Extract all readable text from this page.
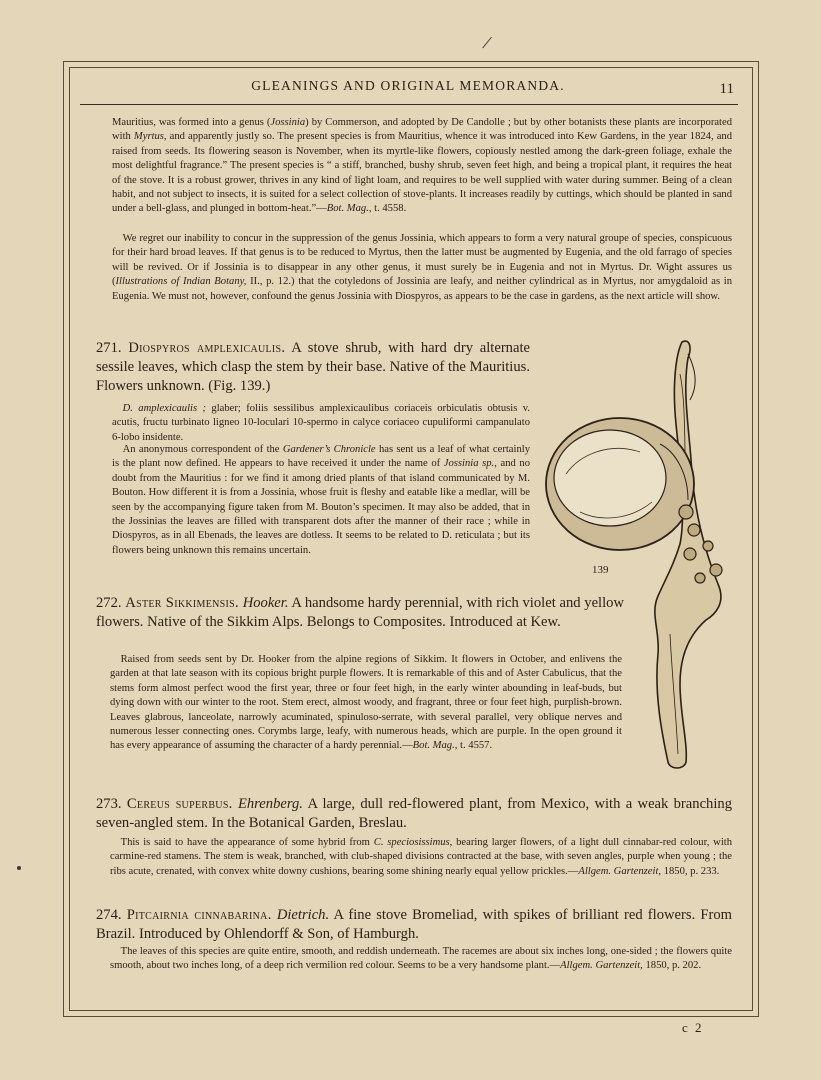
/
GLEANINGS AND ORIGINAL MEMORANDA.	11

Mauritius, was formed into a genus (Jossinia) by Commerson, and adopted by De Candolle ; but by other botanists these plants are incorporated with Myrtus, and apparently justly so. The present species is from Mauritius, whence it was introduced into Kew Gardens, in the year 1824, and raised from seeds. Its flowering season is November, when its myrtle-like flowers, copiously nestled among the dark-green foliage, exhale the most delightful fragrance.” The present species is “ a stiff, branched, bushy shrub, seven feet high, and being a tropical plant, it requires the heat of the stove. It is a robust grower, thrives in any kind of light loam, and requires to be well supplied with water during summer. Being of a clean habit, and not subject to insects, it is suited for a select collection of stove-plants. It increases readily by cuttings, which should be planted in sand under a bell-glass, and plunged in bottom-heat.”—Bot. Mag., t. 4558.

 We regret our inability to concur in the suppression of the genus Jossinia, which appears to form a very natural groupe of species, conspicuous for their hard broad leaves. If that genus is to be reduced to Myrtus, then the latter must be augmented by Eugenia, and the old farrago of species will be revived. Or if Jossinia is to disappear in any other genus, it must surely be in Eugenia and not in Myrtus. Dr. Wight assures us (Illustrations of Indian Botany, II., p. 12.) that the cotyledons of Jossinia are leafy, and neither cylindrical as in Myrtus, nor amygdaloid as in Eugenia. We must not, however, confound the genus Jossinia with Diospyros, as appears to be the case in gardens, as the next article will show.

271. Diospyros amplexicaulis. A stove shrub, with hard dry alternate sessile leaves, which clasp the stem by their base. Native of the Mauritius. Flowers unknown. (Fig. 139.)

 D. amplexicaulis ; glaber; foliis sessilibus amplexicaulibus coriaceis orbiculatis obtusis v. acutis, fructu turbinato ligneo 10-loculari 10-spermo in calyce coriaceo cupuliformi campanulato 6-lobo insidente.

 An anonymous correspondent of the Gardener’s Chronicle has sent us a leaf of what certainly is the plant now defined. He appears to have received it under the name of Jossinia sp., and no doubt from the Mauritius : for we find it among dried plants of that island communicated by M. Bouton. How different it is from a Jossinia, whose fruit is fleshy and eatable like a medlar, will be seen by the accompanying figure taken from M. Bouton’s specimen. It may also be added, that in the Jossinias the leaves are filled with transparent dots after the manner of their race ; while in Diospyros, as in all Ebenads, the leaves are dotless. It seems to be related to D. reticulata ; but its flowers being unknown this remains uncertain.

139

272. Aster Sikkimensis. Hooker. A handsome hardy perennial, with rich violet and yellow flowers. Native of the Sikkim Alps. Belongs to Composites. Introduced at Kew.

 Raised from seeds sent by Dr. Hooker from the alpine regions of Sikkim. It flowers in October, and enlivens the garden at that late season with its copious bright purple flowers. It is remarkable of this and of Aster Cabulicus, that the stems form almost perfect wood the first year, three or four feet high, in the early winter abounding in leaf-buds, but dying down with our winter to the root. Stem erect, almost woody, and fragrant, three or four feet high, purplish-brown. Leaves glabrous, lanceolate, narrowly acuminated, spinuloso-serrate, with several parallel, very oblique nerves and numerous lesser connecting ones. Corymbs large, leafy, with numerous heads, which are purple. In the open ground it has every appearance of assuming the character of a hardy perennial.—Bot. Mag., t. 4557.

273. Cereus superbus. Ehrenberg. A large, dull red-flowered plant, from Mexico, with a weak branching seven-angled stem. In the Botanical Garden, Breslau.

 This is said to have the appearance of some hybrid from C. speciosissimus, bearing larger flowers, of a light dull cinnabar-red colour, with carmine-red stamens. The stem is weak, branched, with club-shaped divisions contracted at the base, with seven angles, purple when young ; the ribs acute, crenated, with convex white downy cushions, bearing some shining nearly equal yellow prickles.—Allgem. Gartenzeit, 1850, p. 233.

274. Pitcairnia cinnabarina. Dietrich. A fine stove Bromeliad, with spikes of brilliant red flowers. From Brazil. Introduced by Ohlendorff & Son, of Hamburgh.

 The leaves of this species are quite entire, smooth, and reddish underneath. The racemes are about six inches long, one-sided ; the flowers quite smooth, about two inches long, of a deep rich vermilion red colour. Seems to be a very handsome plant.—Allgem. Gartenzeit, 1850, p. 202.

c 2
